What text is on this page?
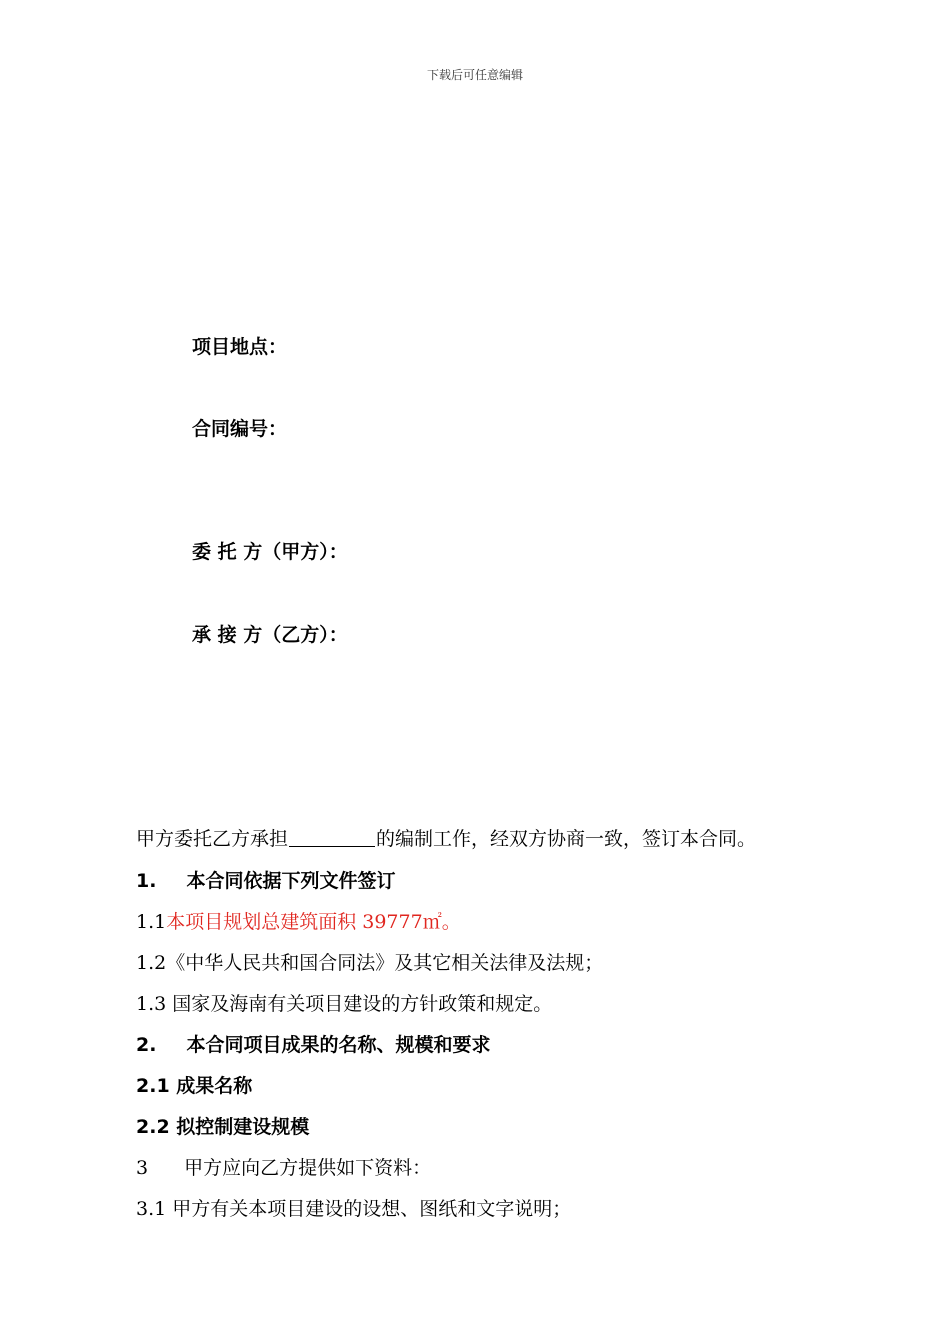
下载后可任意编辑
项目地点：
合同编号：
委 托 方（甲方）：
承 接 方（乙方）：
甲方委托乙方承担	的编制工作，经双方协商一致，签订本合同。
1. 本合同依据下列文件签订
1.1本项目规划总建筑面积 39777㎡。
1.2《中华人民共和国合同法》及其它相关法律及法规；
1.3 国家及海南有关项目建设的方针政策和规定。
2. 本合同项目成果的名称、规模和要求
2.1 成果名称
2.2 拟控制建设规模
3 甲方应向乙方提供如下资料：
3.1 甲方有关本项目建设的设想、图纸和文字说明；
